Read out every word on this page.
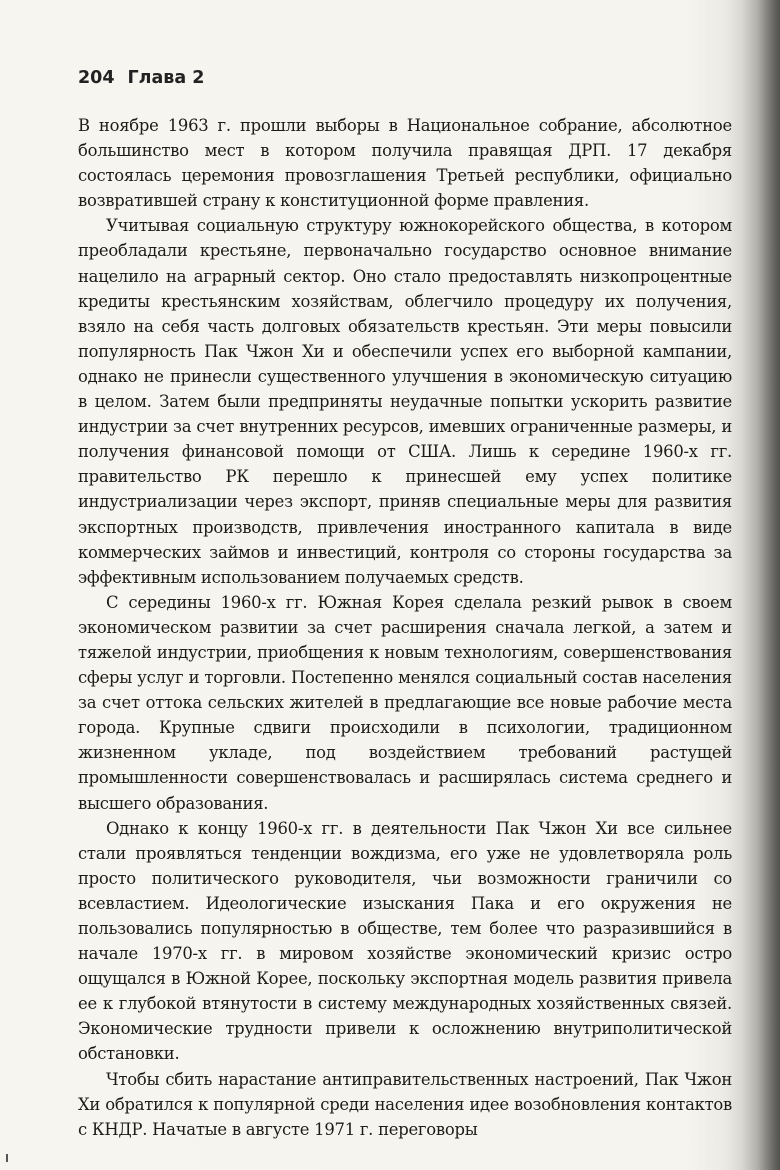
204 Глава 2

В ноябре 1963 г. прошли выборы в Национальное собрание, абсолютное большинство мест в котором получила правящая ДРП. 17 декабря состоялась церемония провозглашения Третьей республики, официально возвратившей страну к конституционной форме правления.

Учитывая социальную структуру южнокорейского общества, в котором преобладали крестьяне, первоначально государство основное внимание нацелило на аграрный сектор. Оно стало предоставлять низкопроцентные кредиты крестьянским хозяйствам, облегчило процедуру их получения, взяло на себя часть долговых обязательств крестьян. Эти меры повысили популярность Пак Чжон Хи и обеспечили успех его выборной кампании, однако не принесли существенного улучшения в экономическую ситуацию в целом. Затем были предприняты неудачные попытки ускорить развитие индустрии за счет внутренних ресурсов, имевших ограниченные размеры, и получения финансовой помощи от США. Лишь к середине 1960-х гг. правительство РК перешло к принесшей ему успех политике индустриализации через экспорт, приняв специальные меры для развития экспортных производств, привлечения иностранного капитала в виде коммерческих займов и инвестиций, контроля со стороны государства за эффективным использованием получаемых средств.

С середины 1960-х гг. Южная Корея сделала резкий рывок в своем экономическом развитии за счет расширения сначала легкой, а затем и тяжелой индустрии, приобщения к новым технологиям, совершенствования сферы услуг и торговли. Постепенно менялся социальный состав населения за счет оттока сельских жителей в предлагающие все новые рабочие места города. Крупные сдвиги происходили в психологии, традиционном жизненном укладе, под воздействием требований растущей промышленности совершенствовалась и расширялась система среднего и высшего образования.

Однако к концу 1960-х гг. в деятельности Пак Чжон Хи все сильнее стали проявляться тенденции вождизма, его уже не удовлетворяла роль просто политического руководителя, чьи возможности граничили со всевластием. Идеологические изыскания Пака и его окружения не пользовались популярностью в обществе, тем более что разразившийся в начале 1970-х гг. в мировом хозяйстве экономический кризис остро ощущался в Южной Корее, поскольку экспортная модель развития привела ее к глубокой втянутости в систему международных хозяйственных связей. Экономические трудности привели к осложнению внутриполитической обстановки.

Чтобы сбить нарастание антиправительственных настроений, Пак Чжон Хи обратился к популярной среди населения идее возобновления контактов с КНДР. Начатые в августе 1971 г. переговоры
